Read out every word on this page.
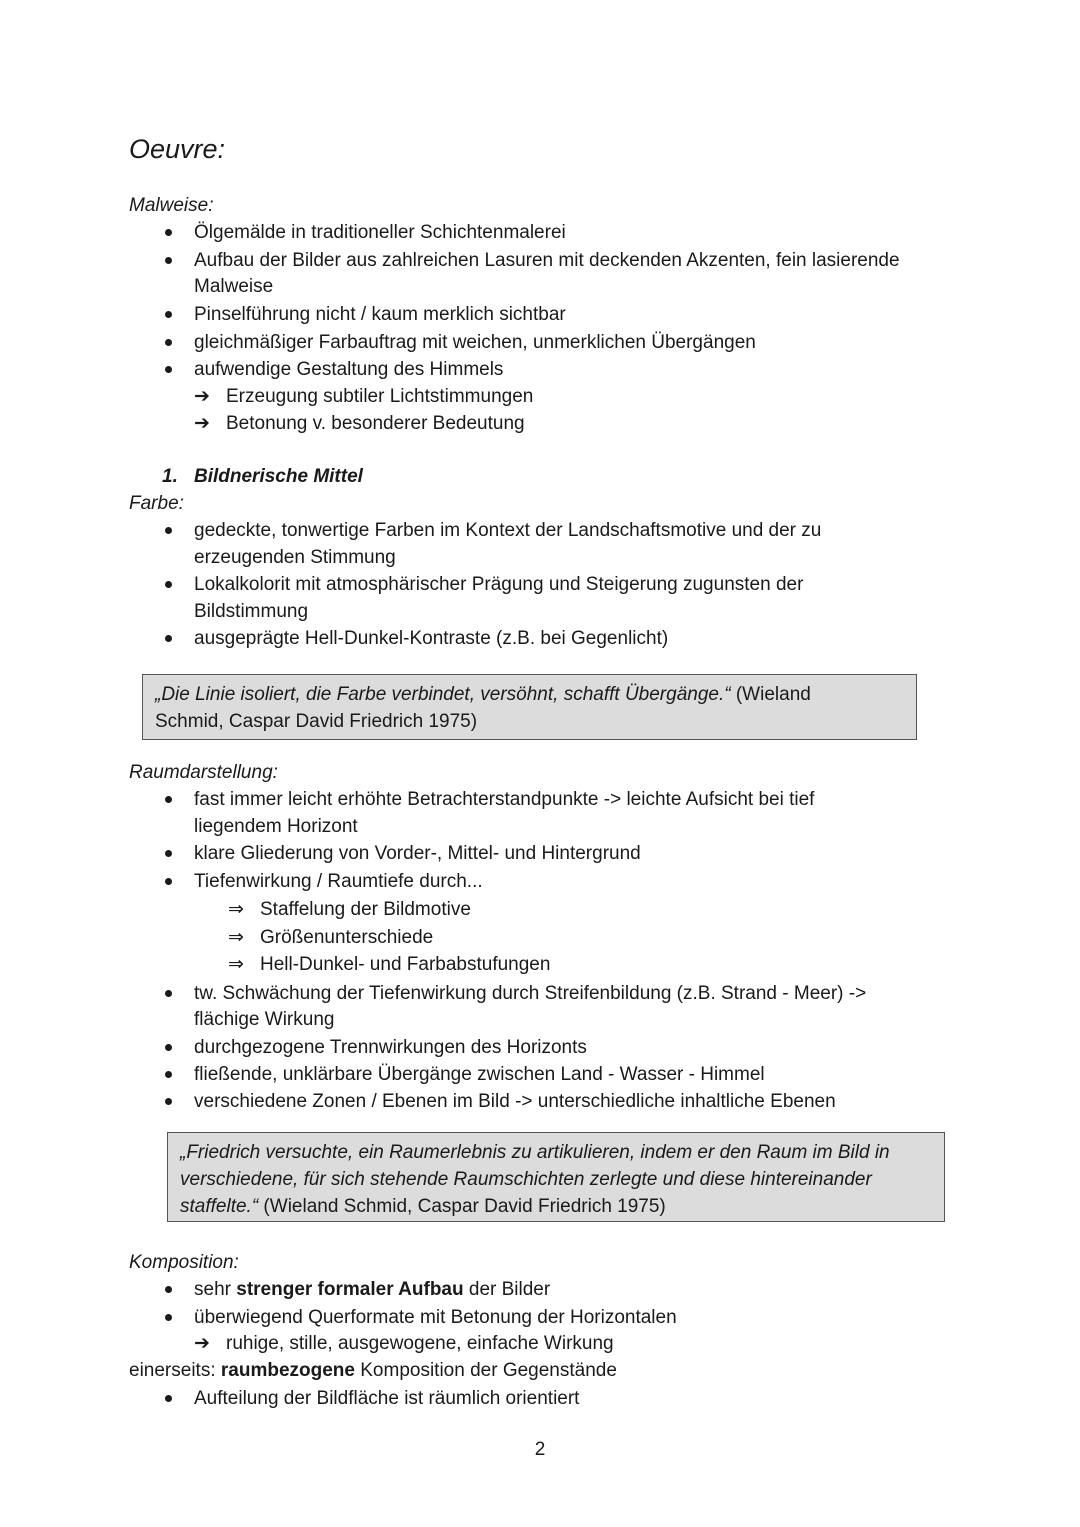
Oeuvre:
Malweise:
Ölgemälde in traditioneller Schichtenmalerei
Aufbau der Bilder aus zahlreichen Lasuren mit deckenden Akzenten, fein lasierende
Malweise
Pinselführung nicht / kaum merklich sichtbar
gleichmäßiger Farbauftrag mit weichen, unmerklichen Übergängen
aufwendige Gestaltung des Himmels
➔ Erzeugung subtiler Lichtstimmungen
➔ Betonung v. besonderer Bedeutung
1. Bildnerische Mittel
Farbe:
gedeckte, tonwertige Farben im Kontext der Landschaftsmotive und der zu
erzeugenden Stimmung
Lokalkolorit mit atmosphärischer Prägung und Steigerung zugunsten der
Bildstimmung
ausgeprägte Hell-Dunkel-Kontraste (z.B. bei Gegenlicht)
„Die Linie isoliert, die Farbe verbindet, versöhnt, schafft Übergänge.“ (Wieland
Schmid, Caspar David Friedrich 1975)
Raumdarstellung:
fast immer leicht erhöhte Betrachterstandpunkte -> leichte Aufsicht bei tief
liegendem Horizont
klare Gliederung von Vorder-, Mittel- und Hintergrund
Tiefenwirkung / Raumtiefe durch...
⇒ Staffelung der Bildmotive
⇒ Größenunterschiede
⇒ Hell-Dunkel- und Farbabstufungen
tw. Schwächung der Tiefenwirkung durch Streifenbildung (z.B. Strand - Meer) ->
flächige Wirkung
durchgezogene Trennwirkungen des Horizonts
fließende, unklärbare Übergänge zwischen Land - Wasser - Himmel
verschiedene Zonen / Ebenen im Bild -> unterschiedliche inhaltliche Ebenen
„Friedrich versuchte, ein Raumerlebnis zu artikulieren, indem er den Raum im Bild in
verschiedene, für sich stehende Raumschichten zerlegte und diese hintereinander
staffelte.“ (Wieland Schmid, Caspar David Friedrich 1975)
Komposition:
sehr strenger formaler Aufbau der Bilder
überwiegend Querformate mit Betonung der Horizontalen
➔ ruhige, stille, ausgewogene, einfache Wirkung
einerseits: raumbezogene Komposition der Gegenstände
Aufteilung der Bildfläche ist räumlich orientiert
2
